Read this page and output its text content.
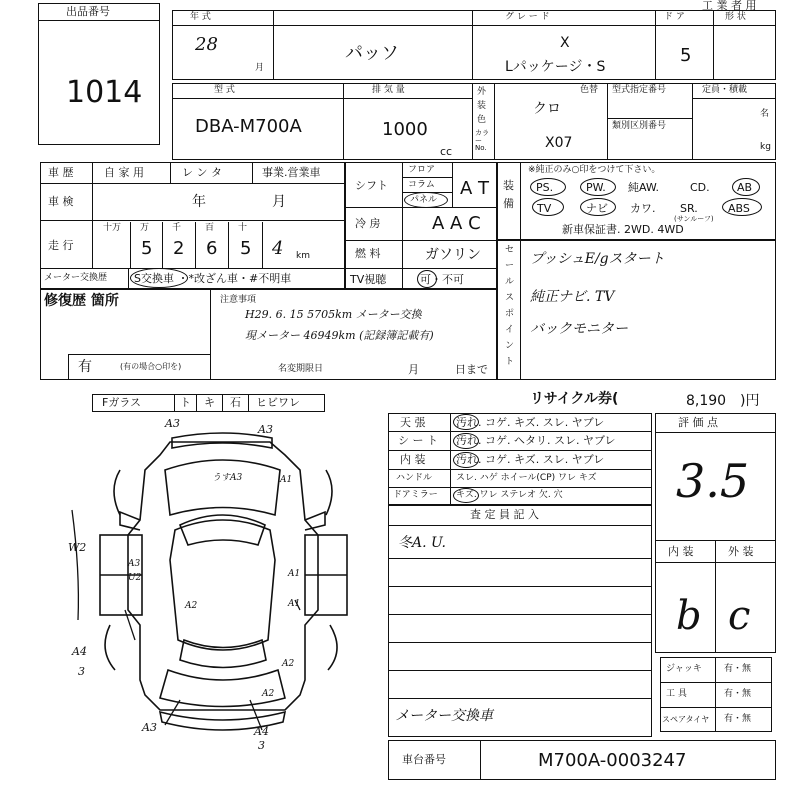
出品番号
1014
工 業 者 用
年 式
28
月
パッソ
グ レ ー ド
X
Lパッケージ・S
ド ア
5
形 状
型 式
DBA-M700A
排 気 量
1000
cc
外
装
色
カラー No.
色替
クロ
X07
型式指定番号
類別区別番号
定員・積載
名
kg
車 歴	自 家 用	レ ン タ	事業.営業車
車 検	年	月
走 行
十万 万	千	百	十
5 2 6 5 4 km
メーター交換歴 S交換車 ・*改ざん車・#不明車
シフト
フロア
コラム
パネル
A T
冷 房	A A C
燃 料	ガソリン
TV視聴	可・不可
装
備
※純正のみ○印をつけて下さい。
PS.	PW. 純AW.	CD. AB
TV	ナビ カワ. SR.	ABS
(サンルーフ)
新車保証書. 2WD. 4WD
セ
ー
ル
ス
ポ
イ
ン
ト
プッシュE/gスタート
純正ナビ. TV
バックモニター
修復歴 箇所
有	(有の場合○印を)
注意事項
H29. 6. 15 5705km メーター交換
現メーター 46949km (記録簿記載有)
名変期限日	月	日まで
リサイクル券(	8,190 )円
Fガラス	ト キ 石 ヒビワレ
天 張	汚れ. コゲ. キズ. スレ. ヤブレ
シ ー ト 汚れ. コゲ. ヘタリ. スレ. ヤブレ
内 装	汚れ. コゲ. キズ. スレ. ヤブレ
ハンドル	スレ. ハゲ ホイール(CP) ワレ キズ
ドアミラー キズ. ワレ ステレオ 欠. 穴
査 定 員 記 入
冬A. U.
メーター交換車
評 価 点
3.5
内 装	外 装
b c
ジャッキ 有・無
工 具	有・無
スペアタイヤ 有・無
車台番号	M700A-0003247
A3	A3
うすA3	A1
A3
U2	A1
A2	A1
A2
A4
3
A2
A3	A4
3
W2
